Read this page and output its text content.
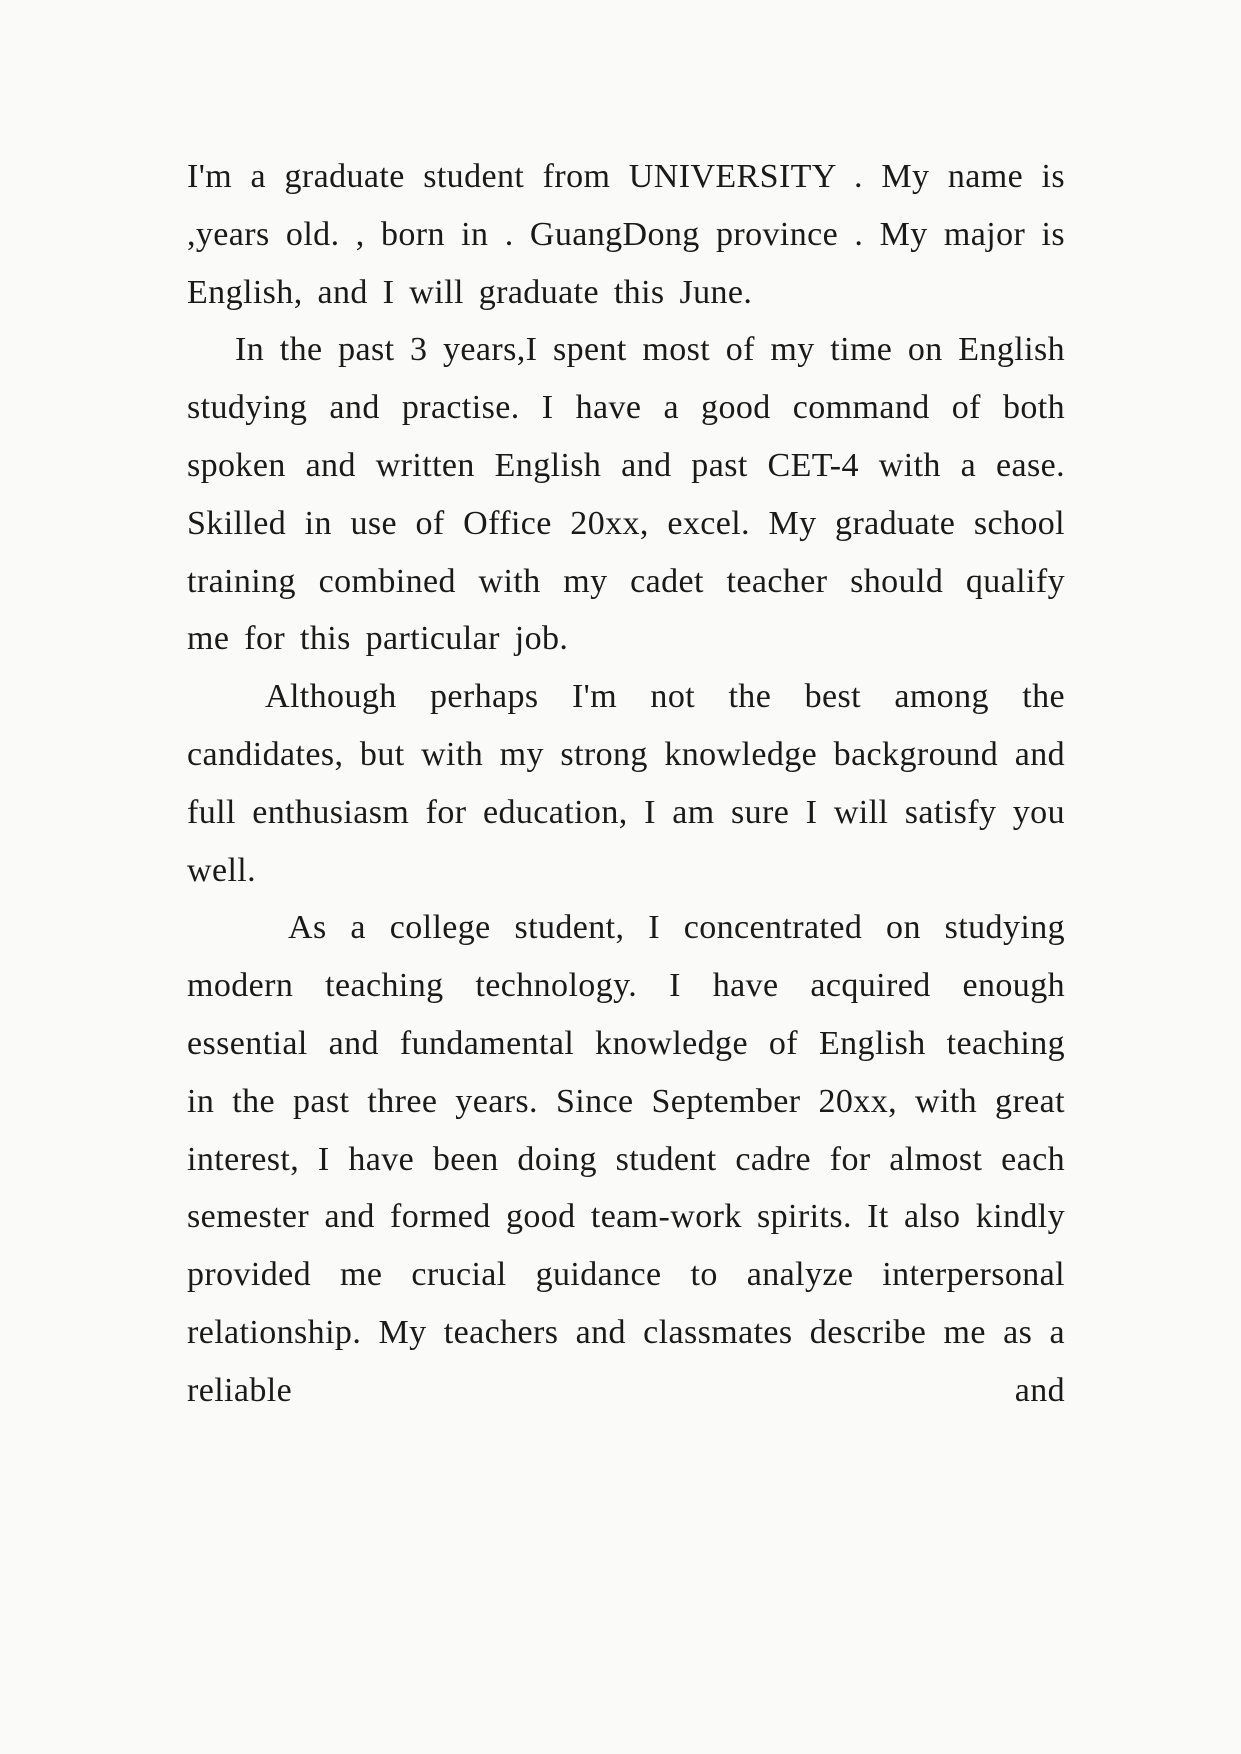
I'm a graduate student from UNIVERSITY . My name is ,years old. , born in . GuangDong province . My major is English, and I will graduate this June.

In the past 3 years,I spent most of my time on English studying and practise. I have a good command of both spoken and written English and past CET-4 with a ease. Skilled in use of Office 20xx, excel. My graduate school training combined with my cadet teacher should qualify me for this particular job.

Although perhaps I'm not the best among the candidates, but with my strong knowledge background and full enthusiasm for education, I am sure I will satisfy you well.

As a college student, I concentrated on studying modern teaching technology. I have acquired enough essential and fundamental knowledge of English teaching in the past three years. Since September 20xx, with great interest, I have been doing student cadre for almost each semester and formed good team-work spirits. It also kindly provided me crucial guidance to analyze interpersonal relationship. My teachers and classmates describe me as a reliable and
